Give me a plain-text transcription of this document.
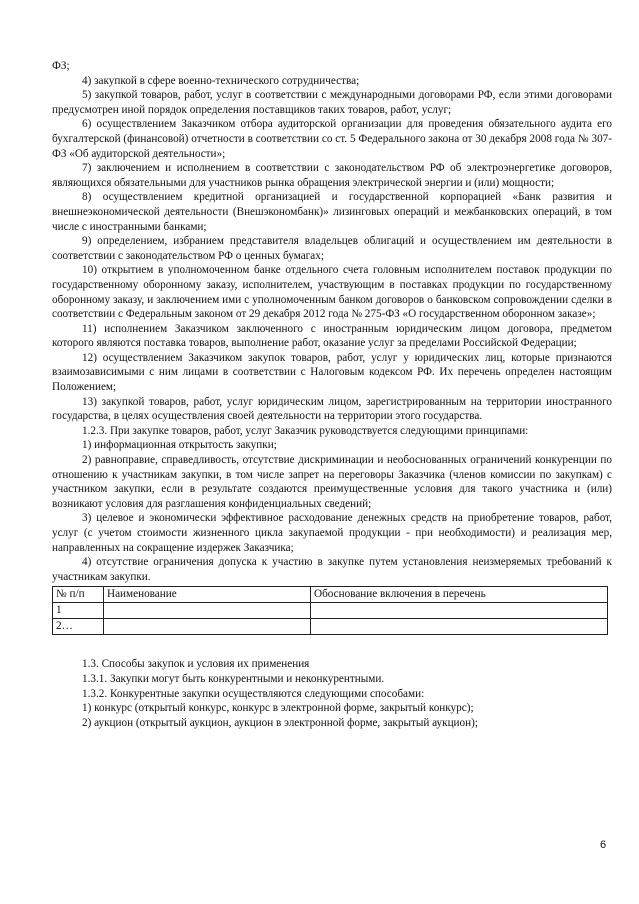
ФЗ;

4) закупкой в сфере военно-технического сотрудничества;

5) закупкой товаров, работ, услуг в соответствии с международными договорами РФ, если этими договорами предусмотрен иной порядок определения поставщиков таких товаров, работ, услуг;

6) осуществлением Заказчиком отбора аудиторской организации для проведения обязательного аудита его бухгалтерской (финансовой) отчетности в соответствии со ст. 5 Федерального закона от 30 декабря 2008 года № 307-ФЗ «Об аудиторской деятельности»;

7) заключением и исполнением в соответствии с законодательством РФ об электроэнергетике договоров, являющихся обязательными для участников рынка обращения электрической энергии и (или) мощности;

8) осуществлением кредитной организацией и государственной корпорацией «Банк развития и внешнеэкономической деятельности (Внешэкономбанк)» лизинговых операций и межбанковских операций, в том числе с иностранными банками;

9) определением, избранием представителя владельцев облигаций и осуществлением им деятельности в соответствии с законодательством РФ о ценных бумагах;

10) открытием в уполномоченном банке отдельного счета головным исполнителем поставок продукции по государственному оборонному заказу, исполнителем, участвующим в поставках продукции по государственному оборонному заказу, и заключением ими с уполномоченным банком договоров о банковском сопровождении сделки в соответствии с Федеральным законом от 29 декабря 2012 года № 275-ФЗ «О государственном оборонном заказе»;

11) исполнением Заказчиком заключенного с иностранным юридическим лицом договора, предметом которого являются поставка товаров, выполнение работ, оказание услуг за пределами Российской Федерации;

12) осуществлением Заказчиком закупок товаров, работ, услуг у юридических лиц, которые признаются взаимозависимыми с ним лицами в соответствии с Налоговым кодексом РФ. Их перечень определен настоящим Положением;

13) закупкой товаров, работ, услуг юридическим лицом, зарегистрированным на территории иностранного государства, в целях осуществления своей деятельности на территории этого государства.

1.2.3. При закупке товаров, работ, услуг Заказчик руководствуется следующими принципами:

1) информационная открытость закупки;

2) равноправие, справедливость, отсутствие дискриминации и необоснованных ограничений конкуренции по отношению к участникам закупки, в том числе запрет на переговоры Заказчика (членов комиссии по закупкам) с участником закупки, если в результате создаются преимущественные условия для такого участника и (или) возникают условия для разглашения конфиденциальных сведений;

3) целевое и экономически эффективное расходование денежных средств на приобретение товаров, работ, услуг (с учетом стоимости жизненного цикла закупаемой продукции - при необходимости) и реализация мер, направленных на сокращение издержек Заказчика;

4) отсутствие ограничения допуска к участию в закупке путем установления неизмеряемых требований к участникам закупки.

№ п/п	Наименование	Обоснование включения в перечень
1		
2…		

1.3. Способы закупок и условия их применения

1.3.1. Закупки могут быть конкурентными и неконкурентными.

1.3.2. Конкурентные закупки осуществляются следующими способами:

1) конкурс (открытый конкурс, конкурс в электронной форме, закрытый конкурс);

2) аукцион (открытый аукцион, аукцион в электронной форме, закрытый аукцион);

6
